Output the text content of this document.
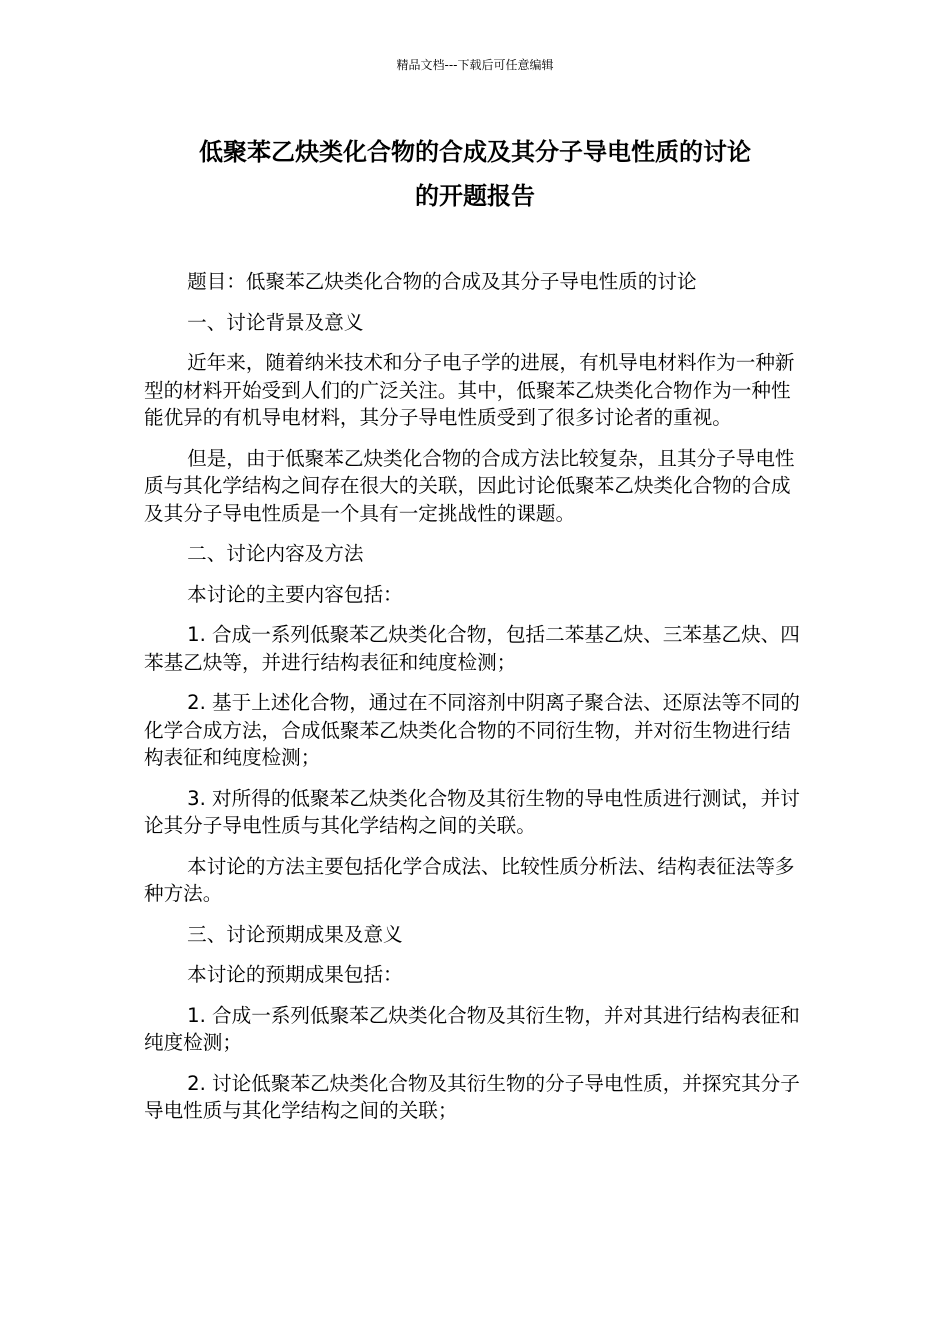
精品文档---下载后可任意编辑
低聚苯乙炔类化合物的合成及其分子导电性质的讨论
的开题报告

题目：低聚苯乙炔类化合物的合成及其分子导电性质的讨论

一、讨论背景及意义

近年来，随着纳米技术和分子电子学的进展，有机导电材料作为一种新型的材料开始受到人们的广泛关注。其中，低聚苯乙炔类化合物作为一种性能优异的有机导电材料，其分子导电性质受到了很多讨论者的重视。

但是，由于低聚苯乙炔类化合物的合成方法比较复杂，且其分子导电性质与其化学结构之间存在很大的关联，因此讨论低聚苯乙炔类化合物的合成及其分子导电性质是一个具有一定挑战性的课题。

二、讨论内容及方法

本讨论的主要内容包括：

1. 合成一系列低聚苯乙炔类化合物，包括二苯基乙炔、三苯基乙炔、四苯基乙炔等，并进行结构表征和纯度检测；

2. 基于上述化合物，通过在不同溶剂中阴离子聚合法、还原法等不同的化学合成方法，合成低聚苯乙炔类化合物的不同衍生物，并对衍生物进行结构表征和纯度检测；

3. 对所得的低聚苯乙炔类化合物及其衍生物的导电性质进行测试，并讨论其分子导电性质与其化学结构之间的关联。

本讨论的方法主要包括化学合成法、比较性质分析法、结构表征法等多种方法。

三、讨论预期成果及意义

本讨论的预期成果包括：

1. 合成一系列低聚苯乙炔类化合物及其衍生物，并对其进行结构表征和纯度检测；

2. 讨论低聚苯乙炔类化合物及其衍生物的分子导电性质，并探究其分子导电性质与其化学结构之间的关联；
